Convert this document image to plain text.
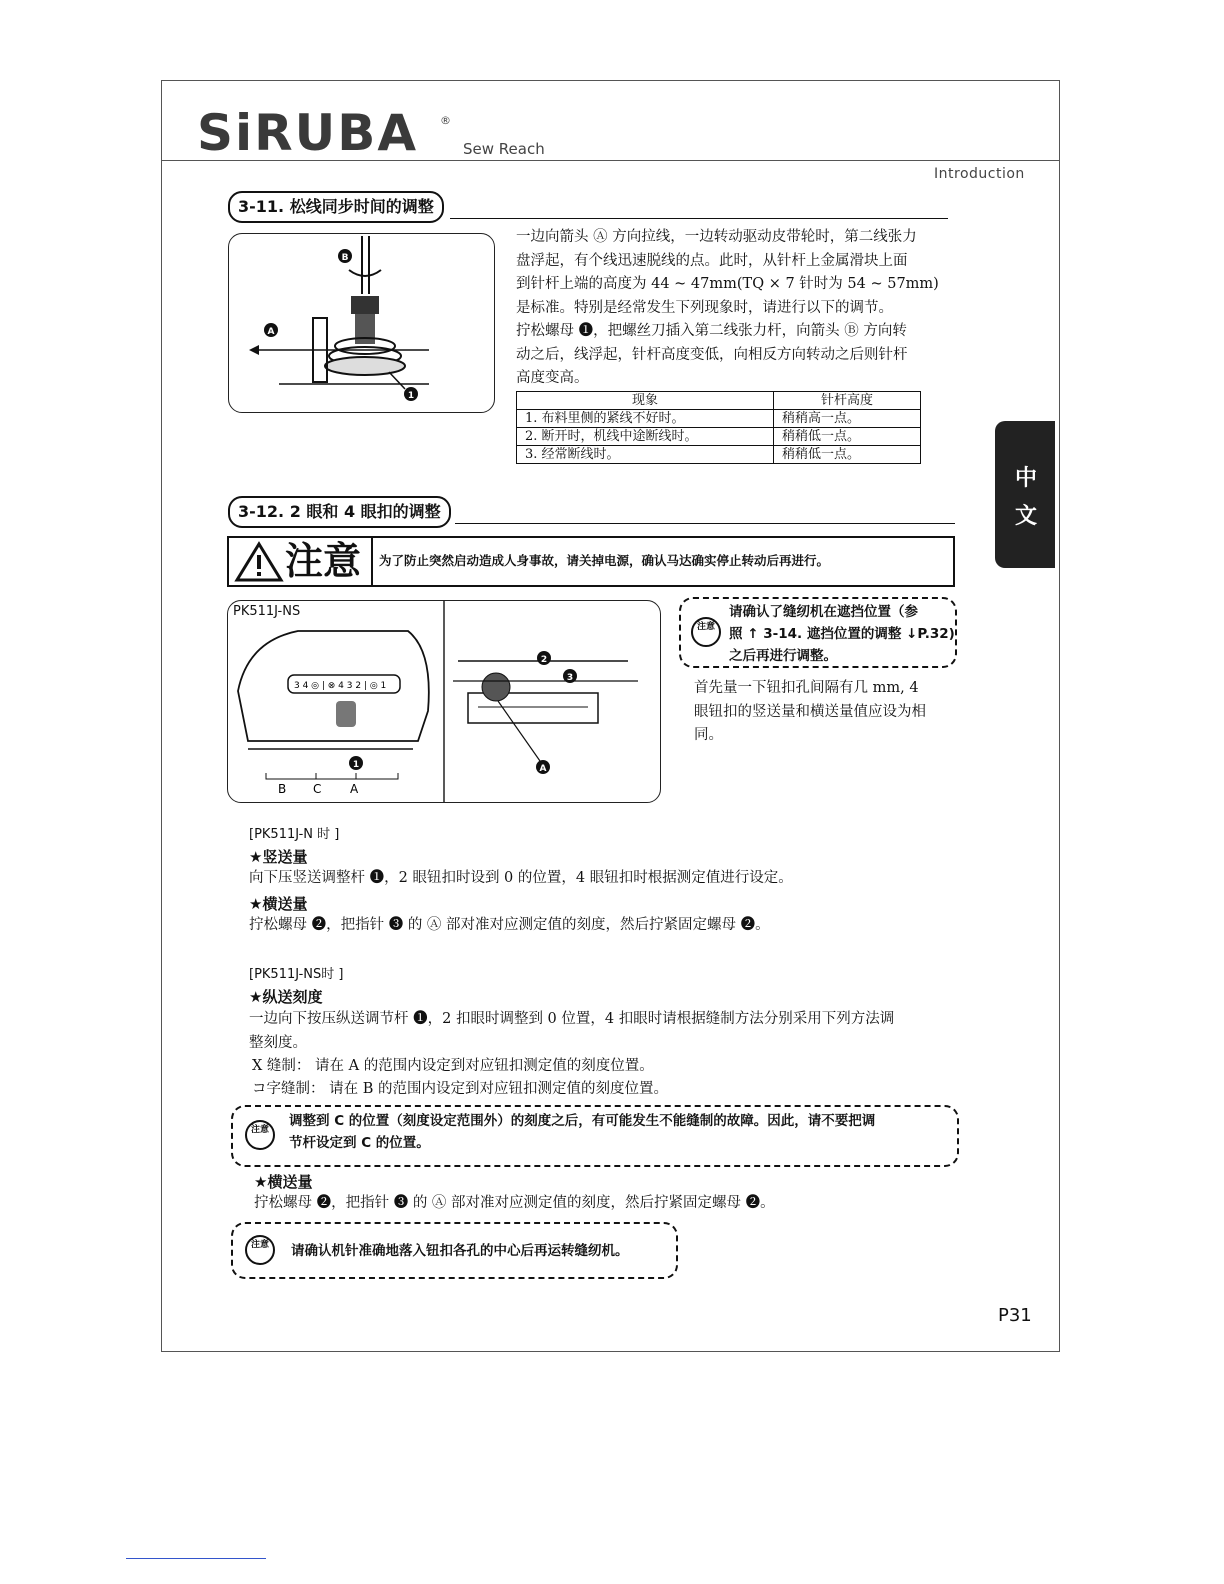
SiRUBA ®
Sew Reach
Introduction
中
文
3-11. 松线同步时间的调整
A
B
1
一边向箭头 Ⓐ 方向拉线，一边转动驱动皮带轮时，第二线张力
盘浮起，有个线迅速脱线的点。此时，从针杆上金属滑块上面
到针杆上端的高度为 44 ~ 47mm(TQ × 7 针时为 54 ~ 57mm)
是标准。特别是经常发生下列现象时，请进行以下的调节。
拧松螺母 ❶，把螺丝刀插入第二线张力杆，向箭头 Ⓑ 方向转
动之后，线浮起，针杆高度变低，向相反方向转动之后则针杆
高度变高。
现象	针杆高度
1. 布料里侧的紧线不好时。	稍稍高一点。
2. 断开时，机线中途断线时。	稍稍低一点。
3. 经常断线时。	稍稍低一点。
3-12. 2 眼和 4 眼扣的调整
注意 为了防止突然启动造成人身事故，请关掉电源，确认马达确实停止转动后再进行。
PK511J-NS
3 4 ◎ | ⊗ 4 3 2 | ◎ 1
B C A
1
2
3
A
注意
请确认了缝纫机在遮挡位置（参
照 ↑ 3-14. 遮挡位置的调整 ↓P.32)
之后再进行调整。
首先量一下钮扣孔间隔有几 mm, 4
眼钮扣的竖送量和横送量值应设为相
同。
[PK511J-N 时 ]
★竖送量
向下压竖送调整杆 ❶，2 眼钮扣时设到 0 的位置，4 眼钮扣时根据测定值进行设定。
★横送量
拧松螺母 ❷，把指针 ❸ 的 Ⓐ 部对准对应测定值的刻度，然后拧紧固定螺母 ❷。
[PK511J-NS时 ]
★纵送刻度
一边向下按压纵送调节杆 ❶，2 扣眼时调整到 0 位置，4 扣眼时请根据缝制方法分别采用下列方法调
整刻度。
X 缝制： 请在 A 的范围内设定到对应钮扣测定值的刻度位置。
コ字缝制： 请在 B 的范围内设定到对应钮扣测定值的刻度位置。
注意
调整到 C 的位置（刻度设定范围外）的刻度之后，有可能发生不能缝制的故障。因此，请不要把调
节杆设定到 C 的位置。
★横送量
拧松螺母 ❷，把指针 ❸ 的 Ⓐ 部对准对应测定值的刻度，然后拧紧固定螺母 ❷。
注意	请确认机针准确地落入钮扣各孔的中心后再运转缝纫机。
P31
